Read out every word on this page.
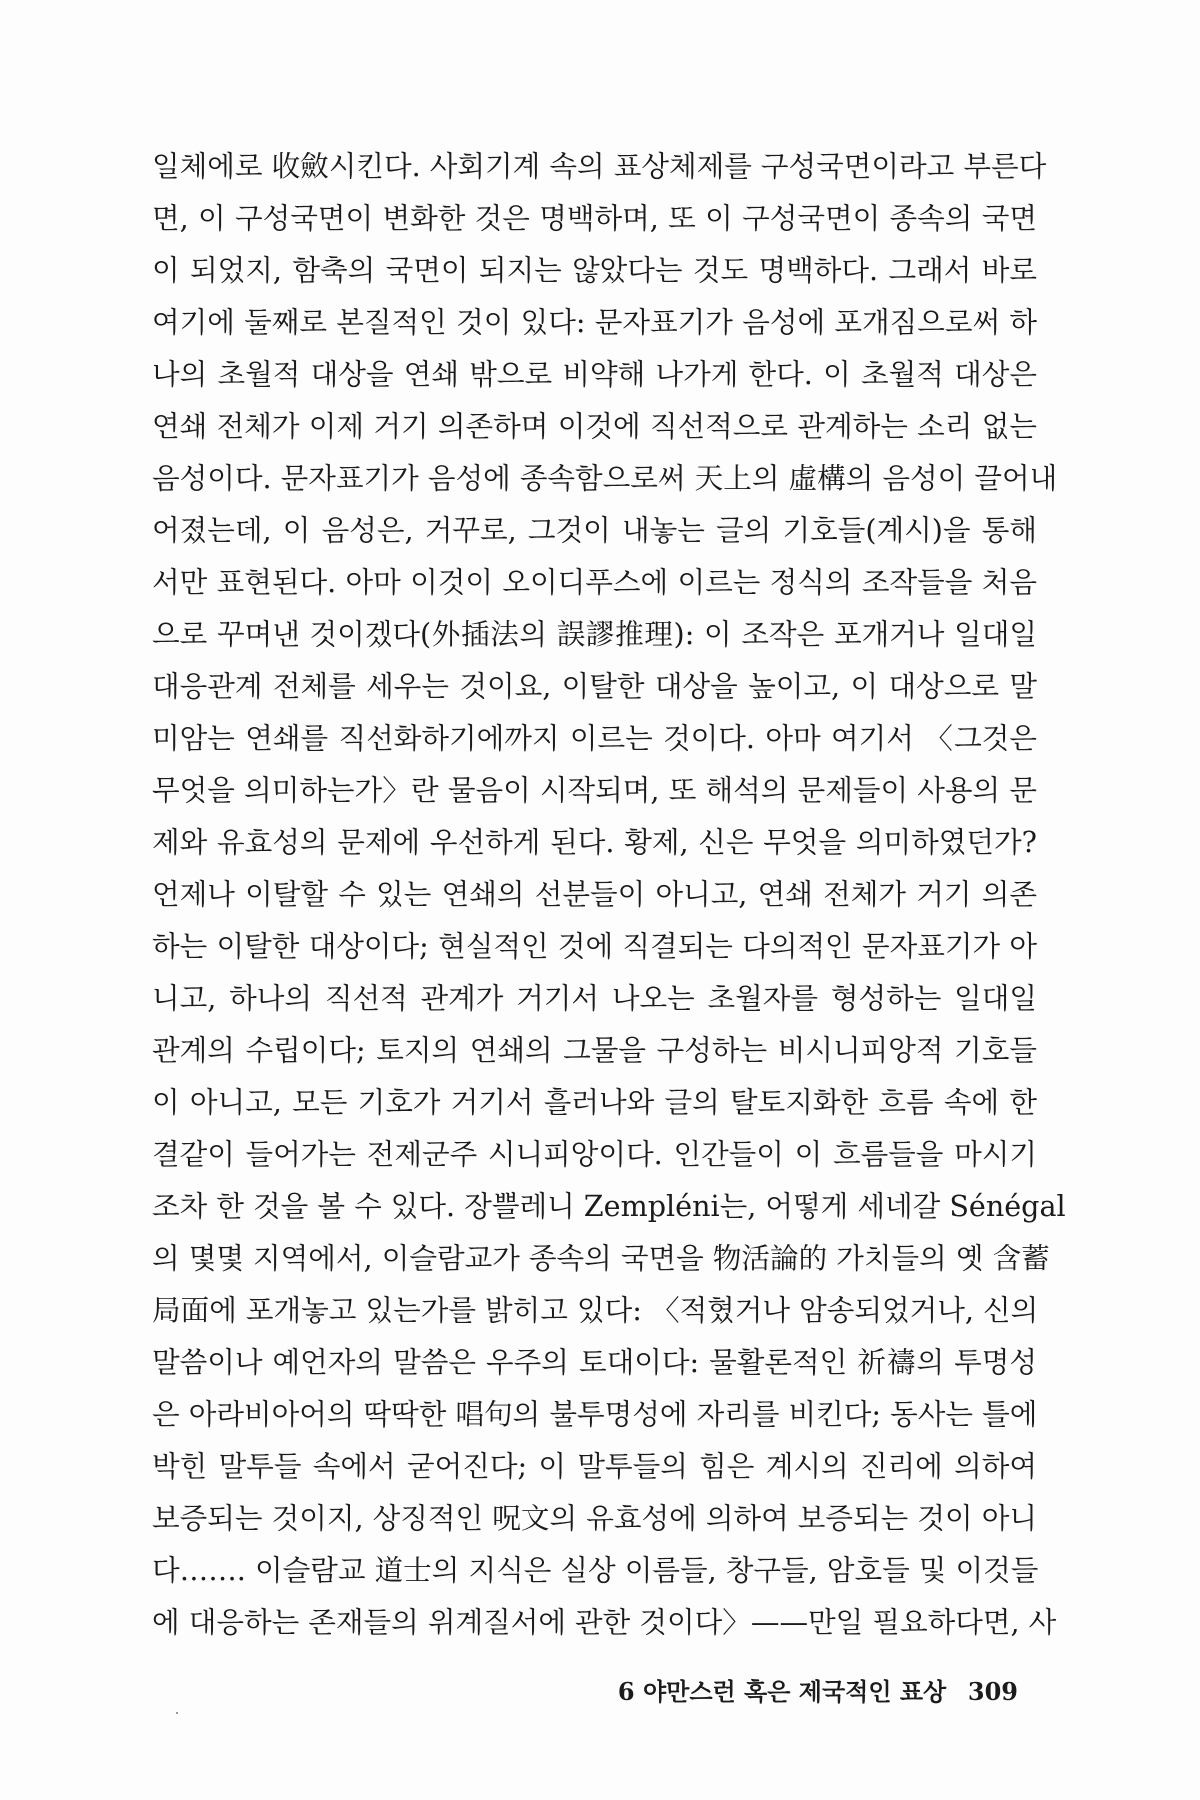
일체에로 收斂시킨다. 사회기계 속의 표상체제를 구성국면이라고 부른다
면, 이 구성국면이 변화한 것은 명백하며, 또 이 구성국면이 종속의 국면
이 되었지, 함축의 국면이 되지는 않았다는 것도 명백하다. 그래서 바로
여기에 둘째로 본질적인 것이 있다: 문자표기가 음성에 포개짐으로써 하
나의 초월적 대상을 연쇄 밖으로 비약해 나가게 한다. 이 초월적 대상은
연쇄 전체가 이제 거기 의존하며 이것에 직선적으로 관계하는 소리 없는
음성이다. 문자표기가 음성에 종속함으로써 天上의 虛構의 음성이 끌어내
어졌는데, 이 음성은, 거꾸로, 그것이 내놓는 글의 기호들(계시)을 통해
서만 표현된다. 아마 이것이 오이디푸스에 이르는 정식의 조작들을 처음
으로 꾸며낸 것이겠다(外插法의 誤謬推理): 이 조작은 포개거나 일대일
대응관계 전체를 세우는 것이요, 이탈한 대상을 높이고, 이 대상으로 말
미암는 연쇄를 직선화하기에까지 이르는 것이다. 아마 여기서 〈그것은
무엇을 의미하는가〉란 물음이 시작되며, 또 해석의 문제들이 사용의 문
제와 유효성의 문제에 우선하게 된다. 황제, 신은 무엇을 의미하였던가?
언제나 이탈할 수 있는 연쇄의 선분들이 아니고, 연쇄 전체가 거기 의존
하는 이탈한 대상이다; 현실적인 것에 직결되는 다의적인 문자표기가 아
니고, 하나의 직선적 관계가 거기서 나오는 초월자를 형성하는 일대일
관계의 수립이다; 토지의 연쇄의 그물을 구성하는 비시니피앙적 기호들
이 아니고, 모든 기호가 거기서 흘러나와 글의 탈토지화한 흐름 속에 한
결같이 들어가는 전제군주 시니피앙이다. 인간들이 이 흐름들을 마시기
조차 한 것을 볼 수 있다. 장쁠레니 Zempléni는, 어떻게 세네갈 Sénégal
의 몇몇 지역에서, 이슬람교가 종속의 국면을 物活論的 가치들의 옛 含蓄
局面에 포개놓고 있는가를 밝히고 있다: 〈적혔거나 암송되었거나, 신의
말씀이나 예언자의 말씀은 우주의 토대이다: 물활론적인 祈禱의 투명성
은 아라비아어의 딱딱한 唱句의 불투명성에 자리를 비킨다; 동사는 틀에
박힌 말투들 속에서 굳어진다; 이 말투들의 힘은 계시의 진리에 의하여
보증되는 것이지, 상징적인 呪文의 유효성에 의하여 보증되는 것이 아니
다……. 이슬람교 道士의 지식은 실상 이름들, 창구들, 암호들 및 이것들
에 대응하는 존재들의 위계질서에 관한 것이다〉——만일 필요하다면, 사
6 야만스런 혹은 제국적인 표상 309
